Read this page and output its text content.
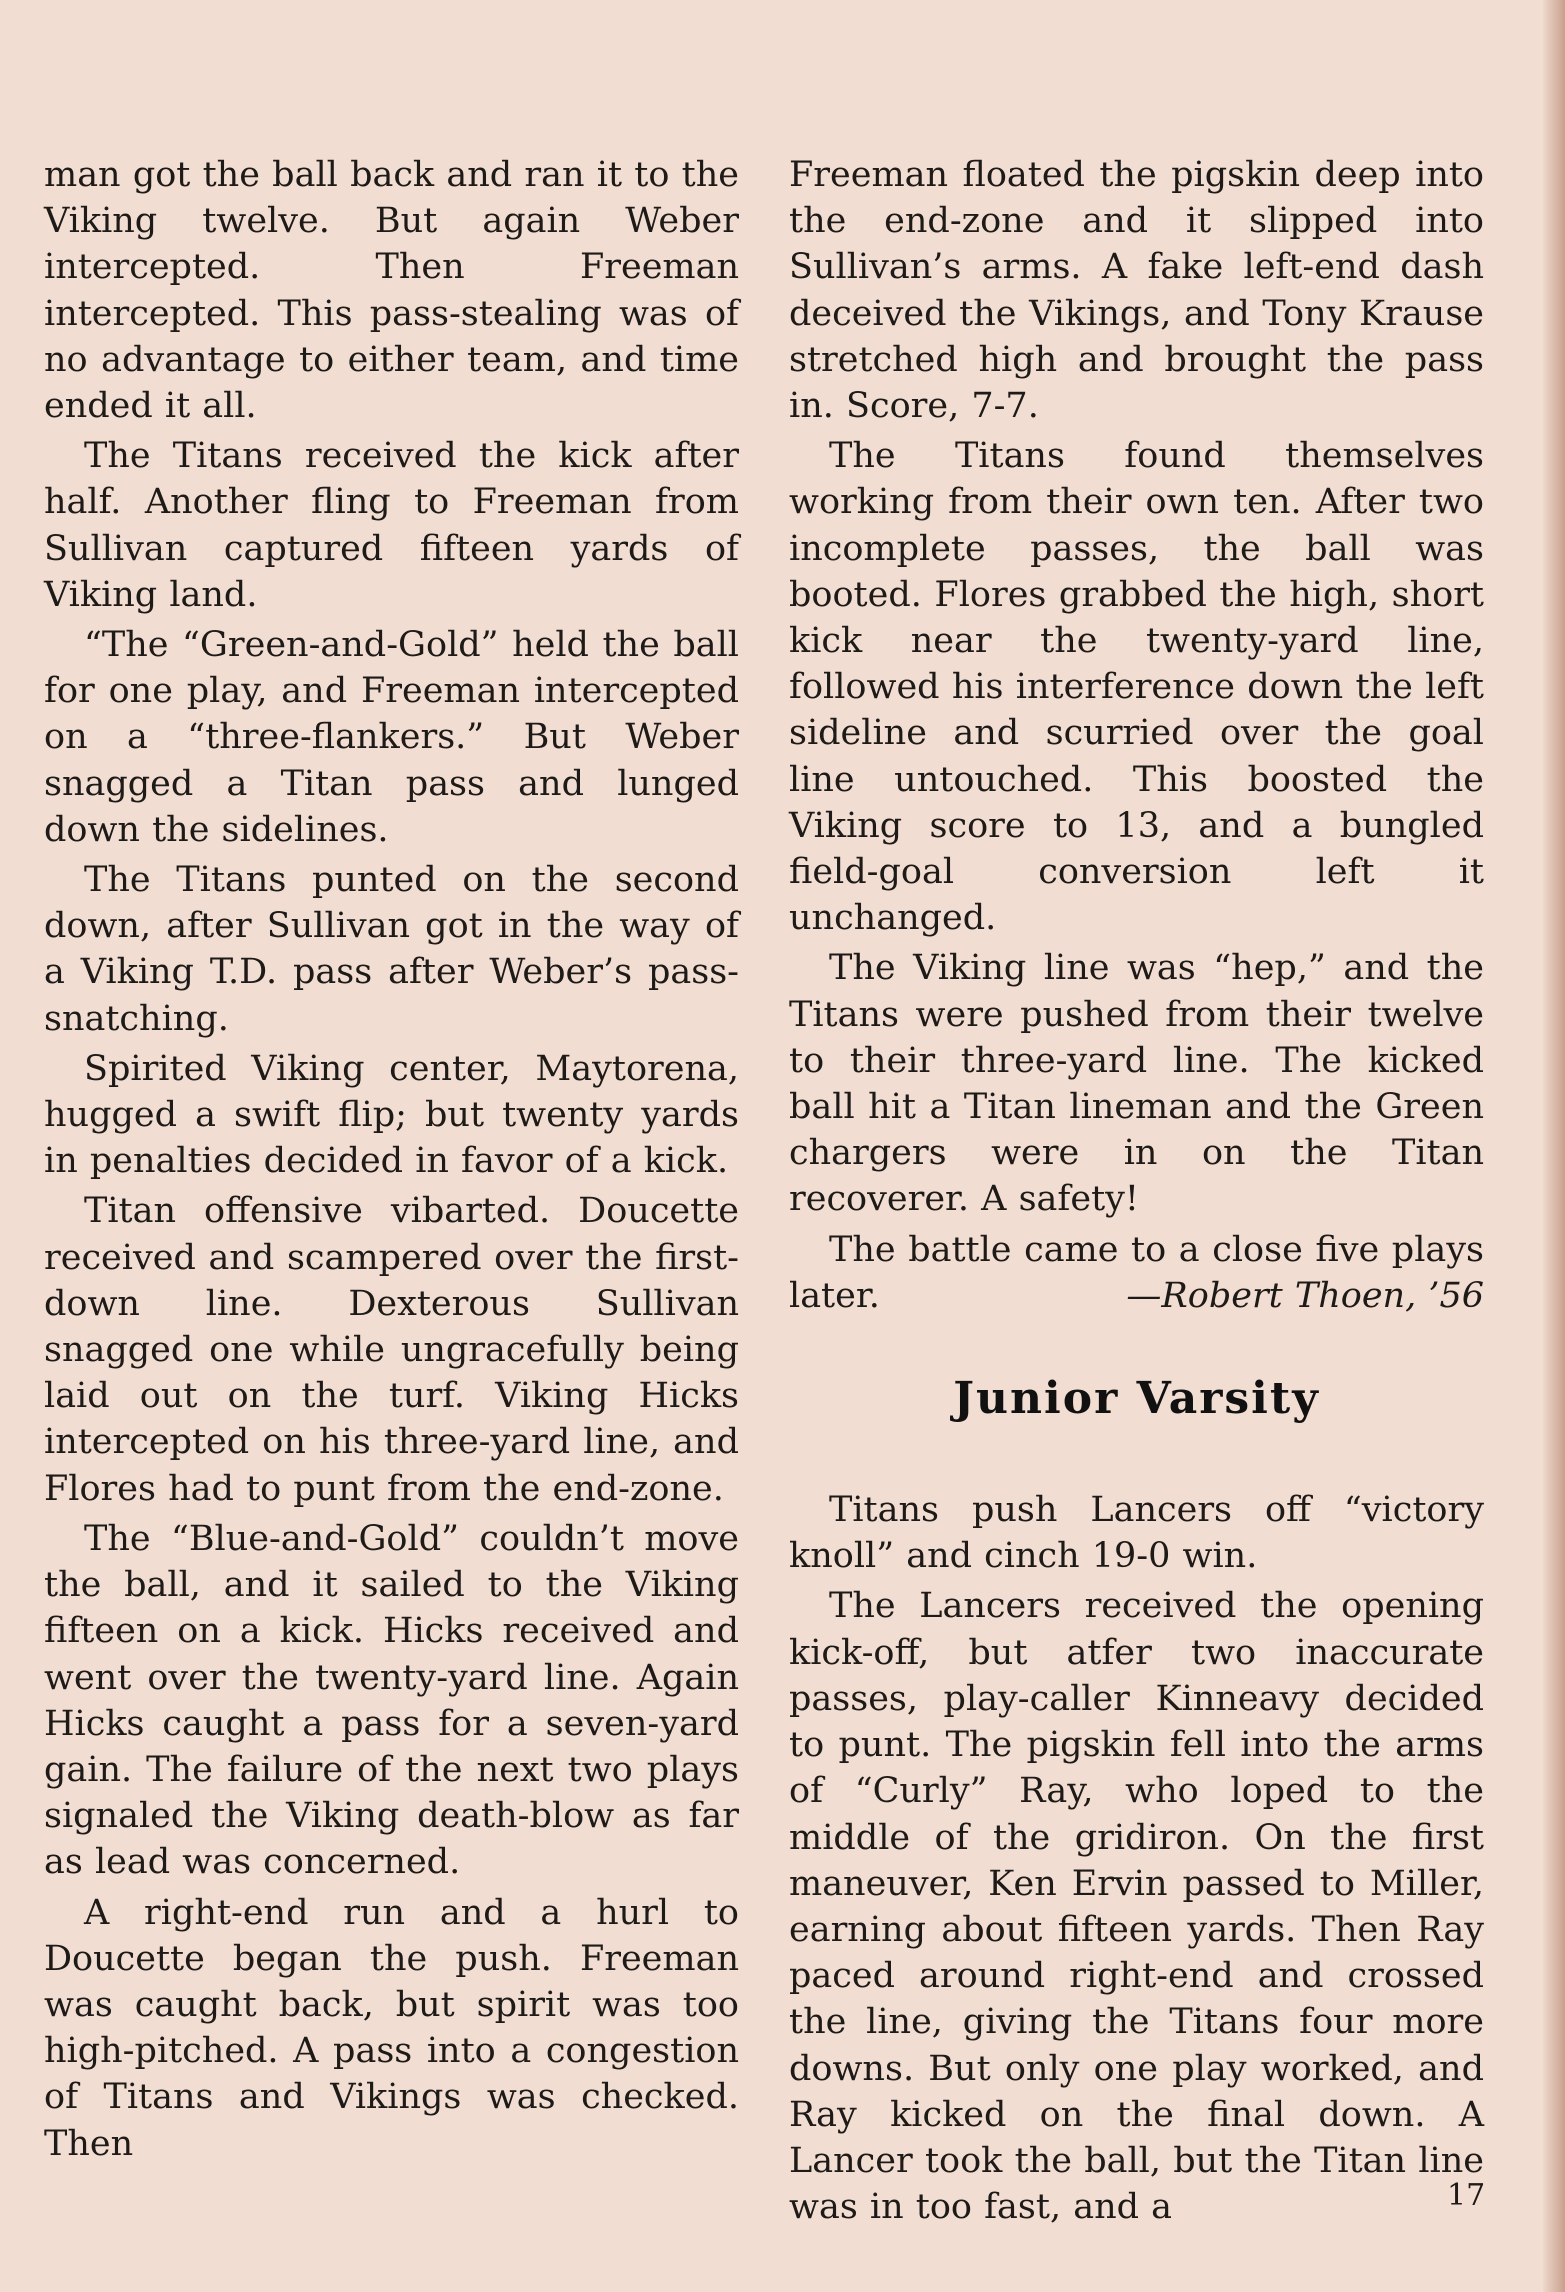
man got the ball back and ran it to the Viking twelve. But again Weber intercepted. Then Freeman intercepted. This pass-stealing was of no advantage to either team, and time ended it all.

The Titans received the kick after half. Another fling to Freeman from Sullivan captured fifteen yards of Viking land.

“The “Green-and-Gold” held the ball for one play, and Freeman intercepted on a “three-flankers.” But Weber snagged a Titan pass and lunged down the sidelines.

The Titans punted on the second down, after Sullivan got in the way of a Viking T.D. pass after Weber’s pass-snatching.

Spirited Viking center, Maytorena, hugged a swift flip; but twenty yards in penalties decided in favor of a kick.

Titan offensive vibarted. Doucette received and scampered over the first-down line. Dexterous Sullivan snagged one while ungracefully being laid out on the turf. Viking Hicks intercepted on his three-yard line, and Flores had to punt from the end-zone.

The “Blue-and-Gold” couldn’t move the ball, and it sailed to the Viking fifteen on a kick. Hicks received and went over the twenty-yard line. Again Hicks caught a pass for a seven-yard gain. The failure of the next two plays signaled the Viking death-blow as far as lead was concerned.

A right-end run and a hurl to Doucette began the push. Freeman was caught back, but spirit was too high-pitched. A pass into a congestion of Titans and Vikings was checked. Then

Freeman floated the pigskin deep into the end-zone and it slipped into Sullivan’s arms. A fake left-end dash deceived the Vikings, and Tony Krause stretched high and brought the pass in. Score, 7-7.

The Titans found themselves working from their own ten. After two incomplete passes, the ball was booted. Flores grabbed the high, short kick near the twenty-yard line, followed his interference down the left sideline and scurried over the goal line untouched. This boosted the Viking score to 13, and a bungled field-goal conversion left it unchanged.

The Viking line was “hep,” and the Titans were pushed from their twelve to their three-yard line. The kicked ball hit a Titan lineman and the Green chargers were in on the Titan recoverer. A safety!

The battle came to a close five plays later.	—Robert Thoen, ’56

Junior Varsity

Titans push Lancers off “victory knoll” and cinch 19-0 win.

The Lancers received the opening kick-off, but atfer two inaccurate passes, play-caller Kinneavy decided to punt. The pigskin fell into the arms of “Curly” Ray, who loped to the middle of the gridiron. On the first maneuver, Ken Ervin passed to Miller, earning about fifteen yards. Then Ray paced around right-end and crossed the line, giving the Titans four more downs. But only one play worked, and Ray kicked on the final down. A Lancer took the ball, but the Titan line was in too fast, and a	17
